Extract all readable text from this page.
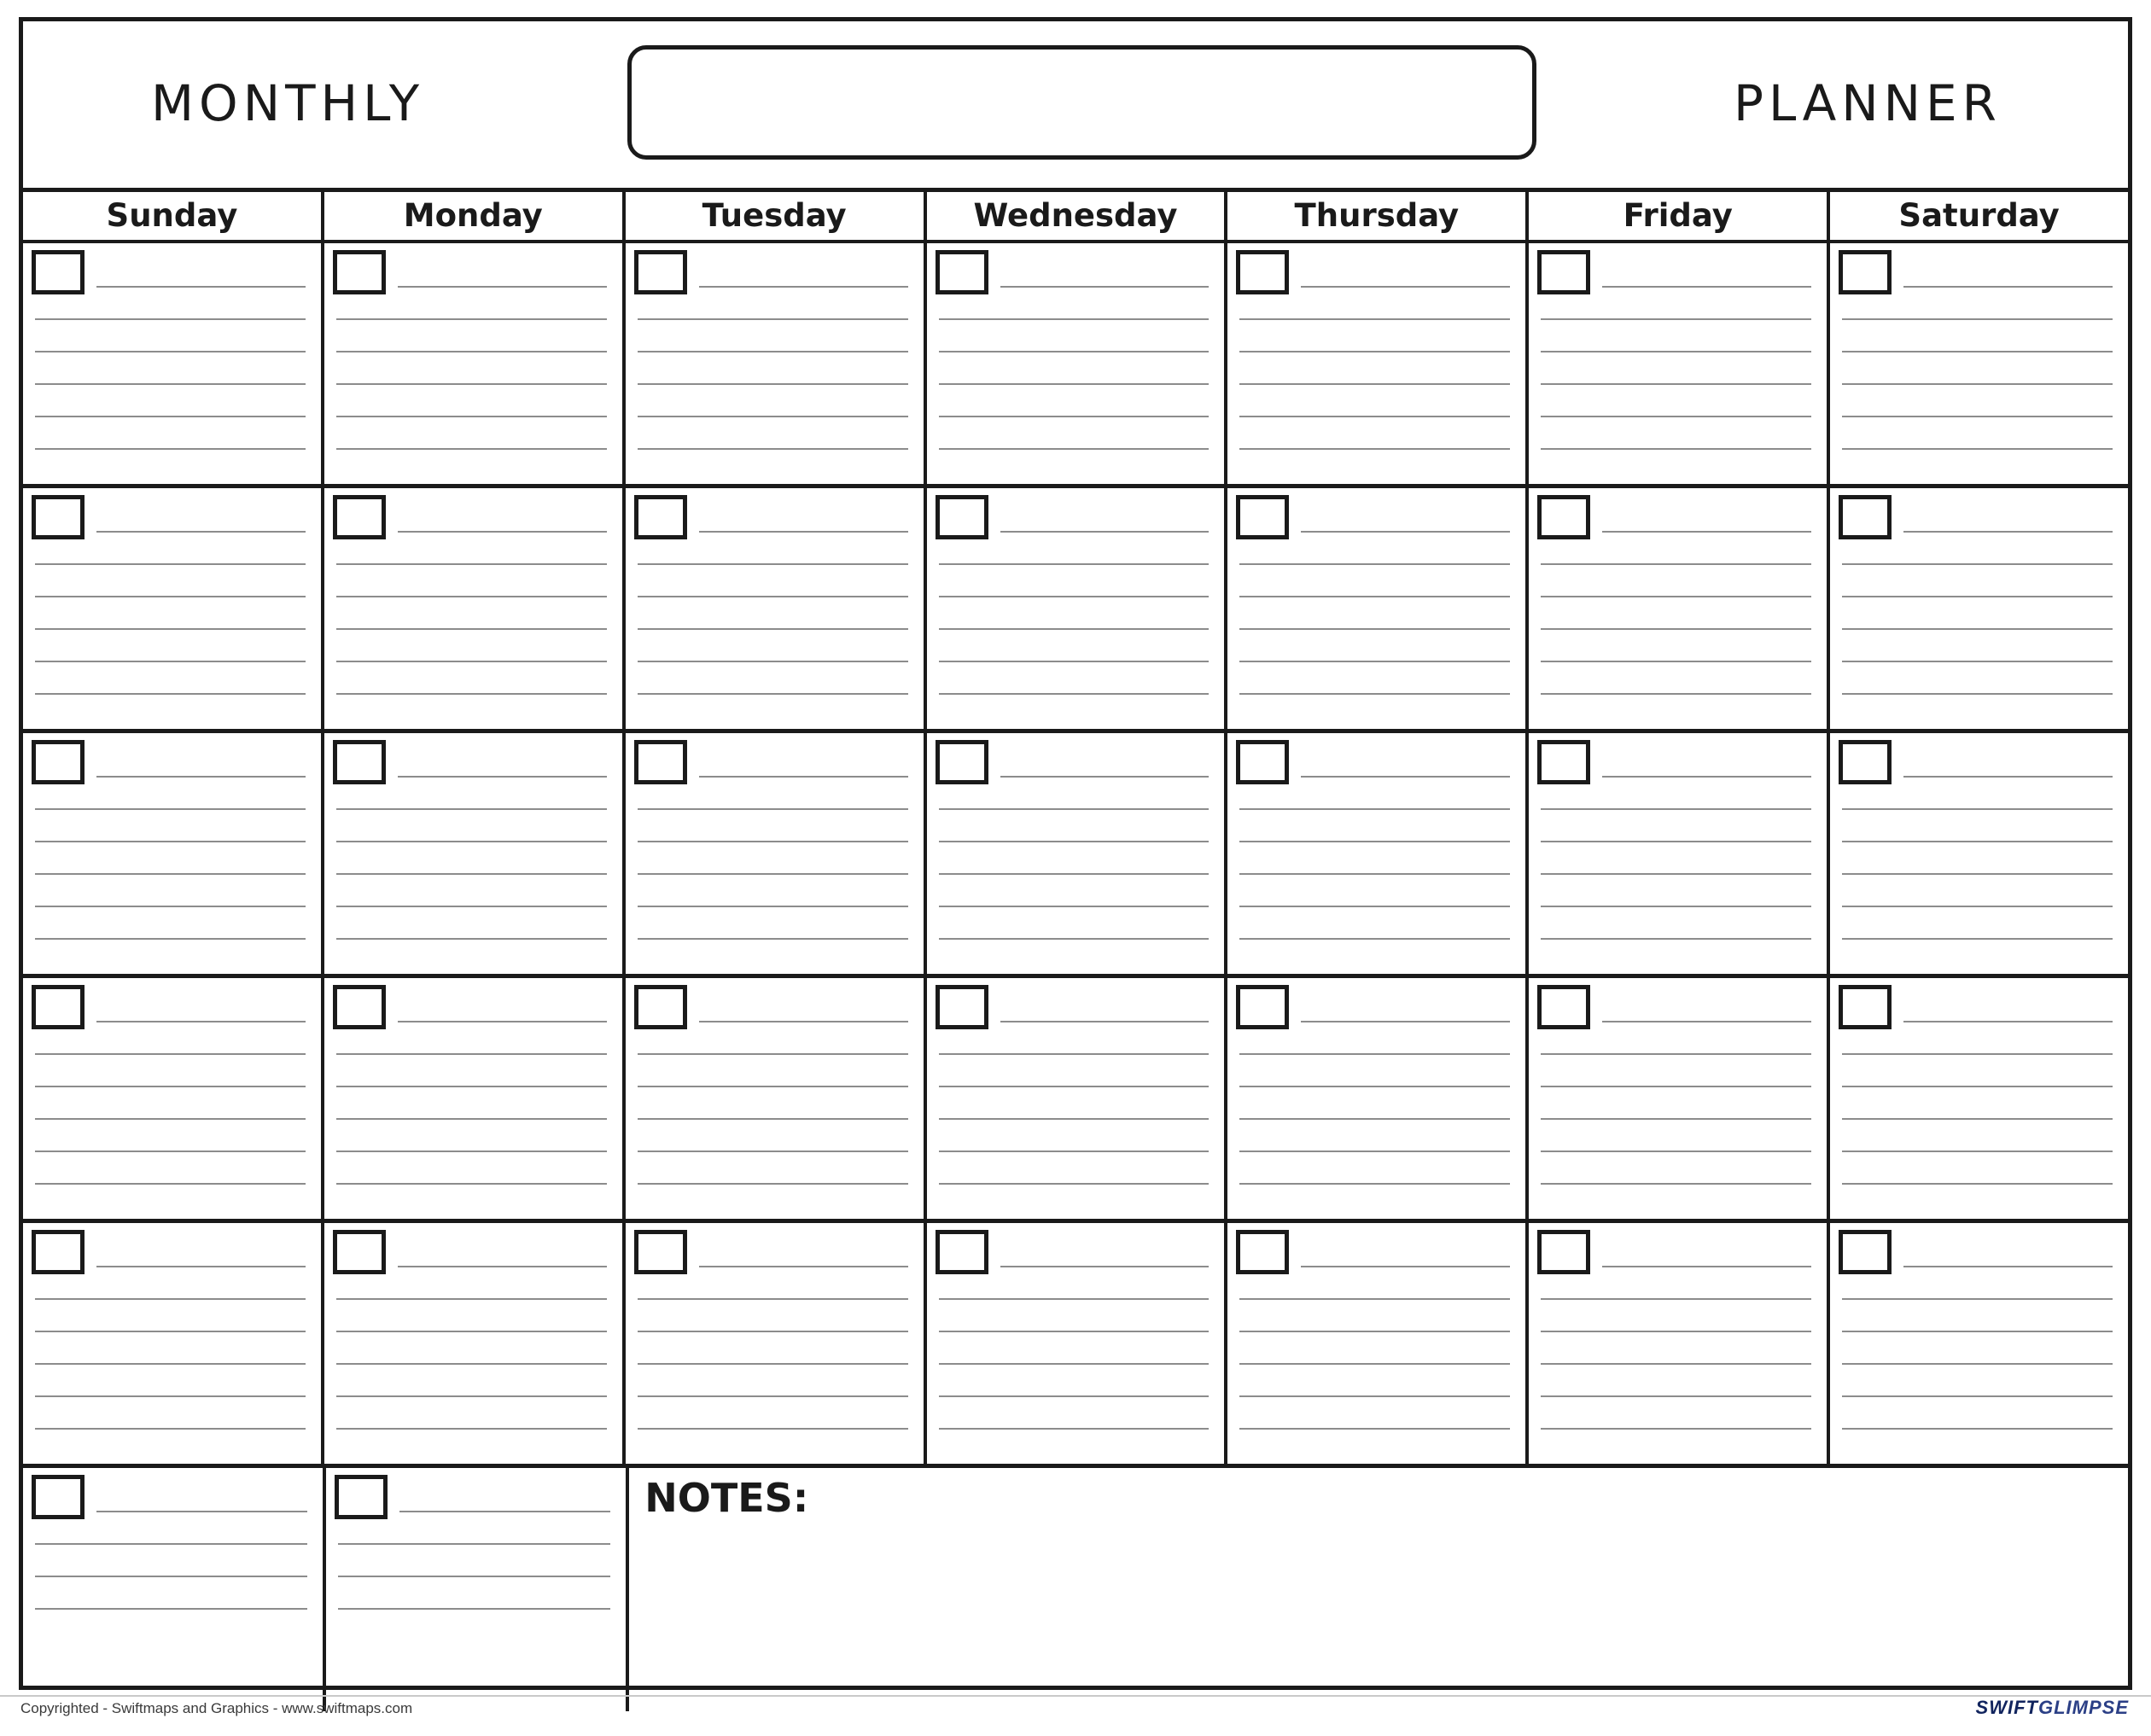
MONTHLY	PLANNER
Sunday	Monday	Tuesday	Wednesday	Thursday	Friday	Saturday
NOTES:
Copyrighted - Swiftmaps and Graphics - www.swiftmaps.com	SWIFTGLIMPSE
